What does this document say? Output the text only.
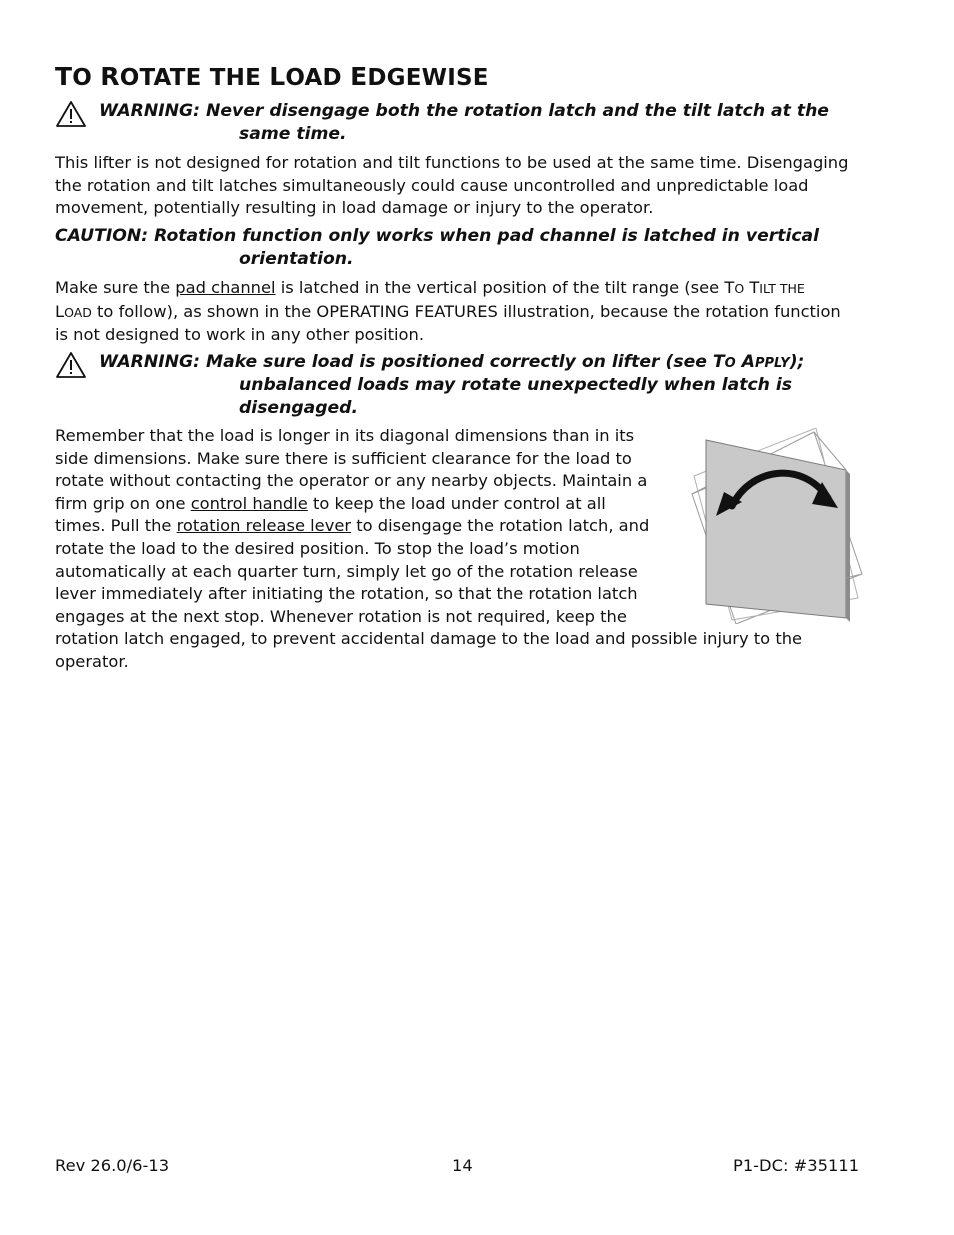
TO ROTATE THE LOAD EDGEWISE
WARNING: Never disengage both the rotation latch and the tilt latch at the
same time.

This lifter is not designed for rotation and tilt functions to be used at the same time. Disengaging
the rotation and tilt latches simultaneously could cause uncontrolled and unpredictable load
movement, potentially resulting in load damage or injury to the operator.

CAUTION: Rotation function only works when pad channel is latched in vertical
orientation.

Make sure the pad channel is latched in the vertical position of the tilt range (see TO TILT THE
LOAD to follow), as shown in the OPERATING FEATURES illustration, because the rotation function
is not designed to work in any other position.

WARNING: Make sure load is positioned correctly on lifter (see TO APPLY);
unbalanced loads may rotate unexpectedly when latch is
disengaged.

Remember that the load is longer in its diagonal dimensions than in its
side dimensions. Make sure there is sufficient clearance for the load to
rotate without contacting the operator or any nearby objects. Maintain a
firm grip on one control handle to keep the load under control at all
times. Pull the rotation release lever to disengage the rotation latch, and
rotate the load to the desired position. To stop the load’s motion
automatically at each quarter turn, simply let go of the rotation release
lever immediately after initiating the rotation, so that the rotation latch
engages at the next stop. Whenever rotation is not required, keep the
rotation latch engaged, to prevent accidental damage to the load and possible injury to the
operator.

Rev 26.0/6-13	14	P1-DC: #35111
